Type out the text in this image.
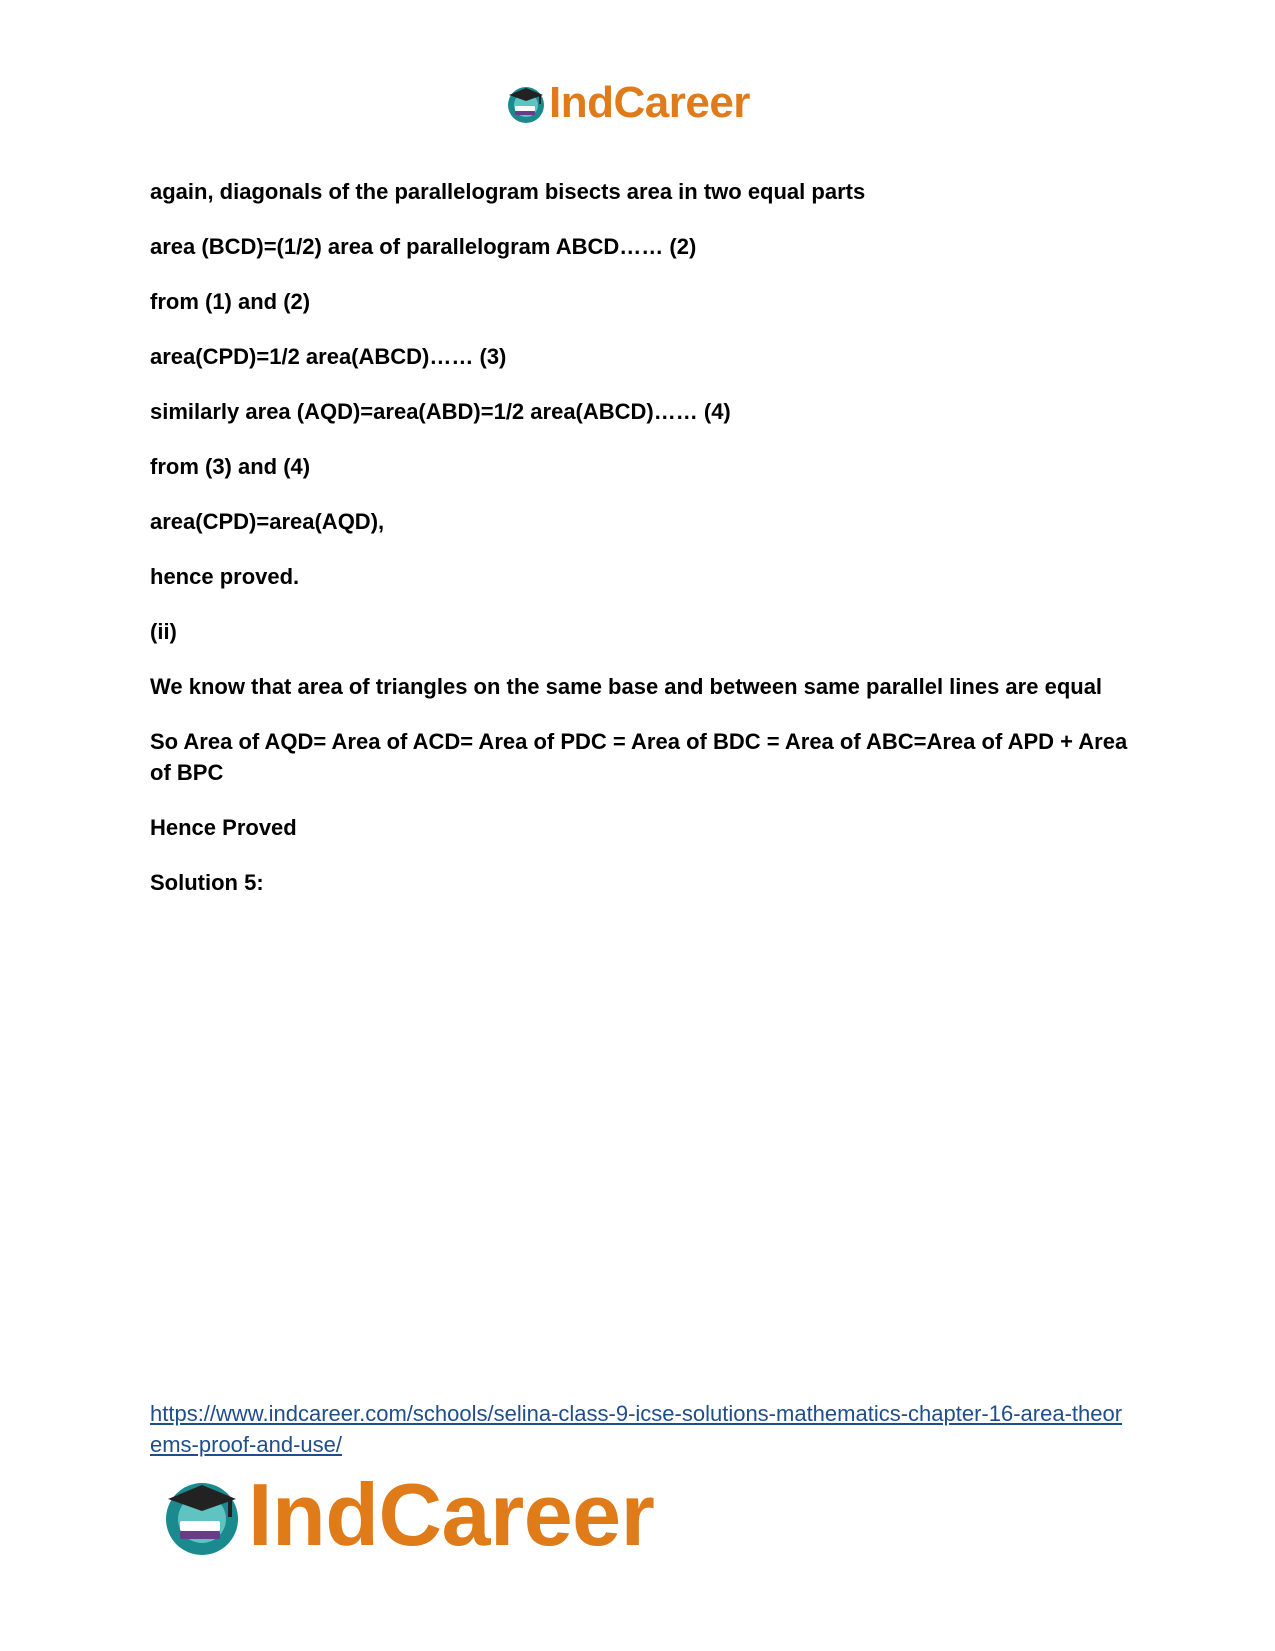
IndCareer

again, diagonals of the parallelogram bisects area in two equal parts

area (BCD)=(1/2) area of parallelogram ABCD…… (2)

from (1) and (2)

area(CPD)=1/2 area(ABCD)…… (3)

similarly area (AQD)=area(ABD)=1/2 area(ABCD)…… (4)

from (3) and (4)

area(CPD)=area(AQD),

hence proved.

(ii)

We know that area of triangles on the same base and between same parallel lines are equal

So Area of AQD= Area of ACD= Area of PDC = Area of BDC = Area of ABC=Area of APD + Area of BPC

Hence Proved

Solution 5:

https://www.indcareer.com/schools/selina-class-9-icse-solutions-mathematics-chapter-16-area-theorems-proof-and-use/
IndCareer
